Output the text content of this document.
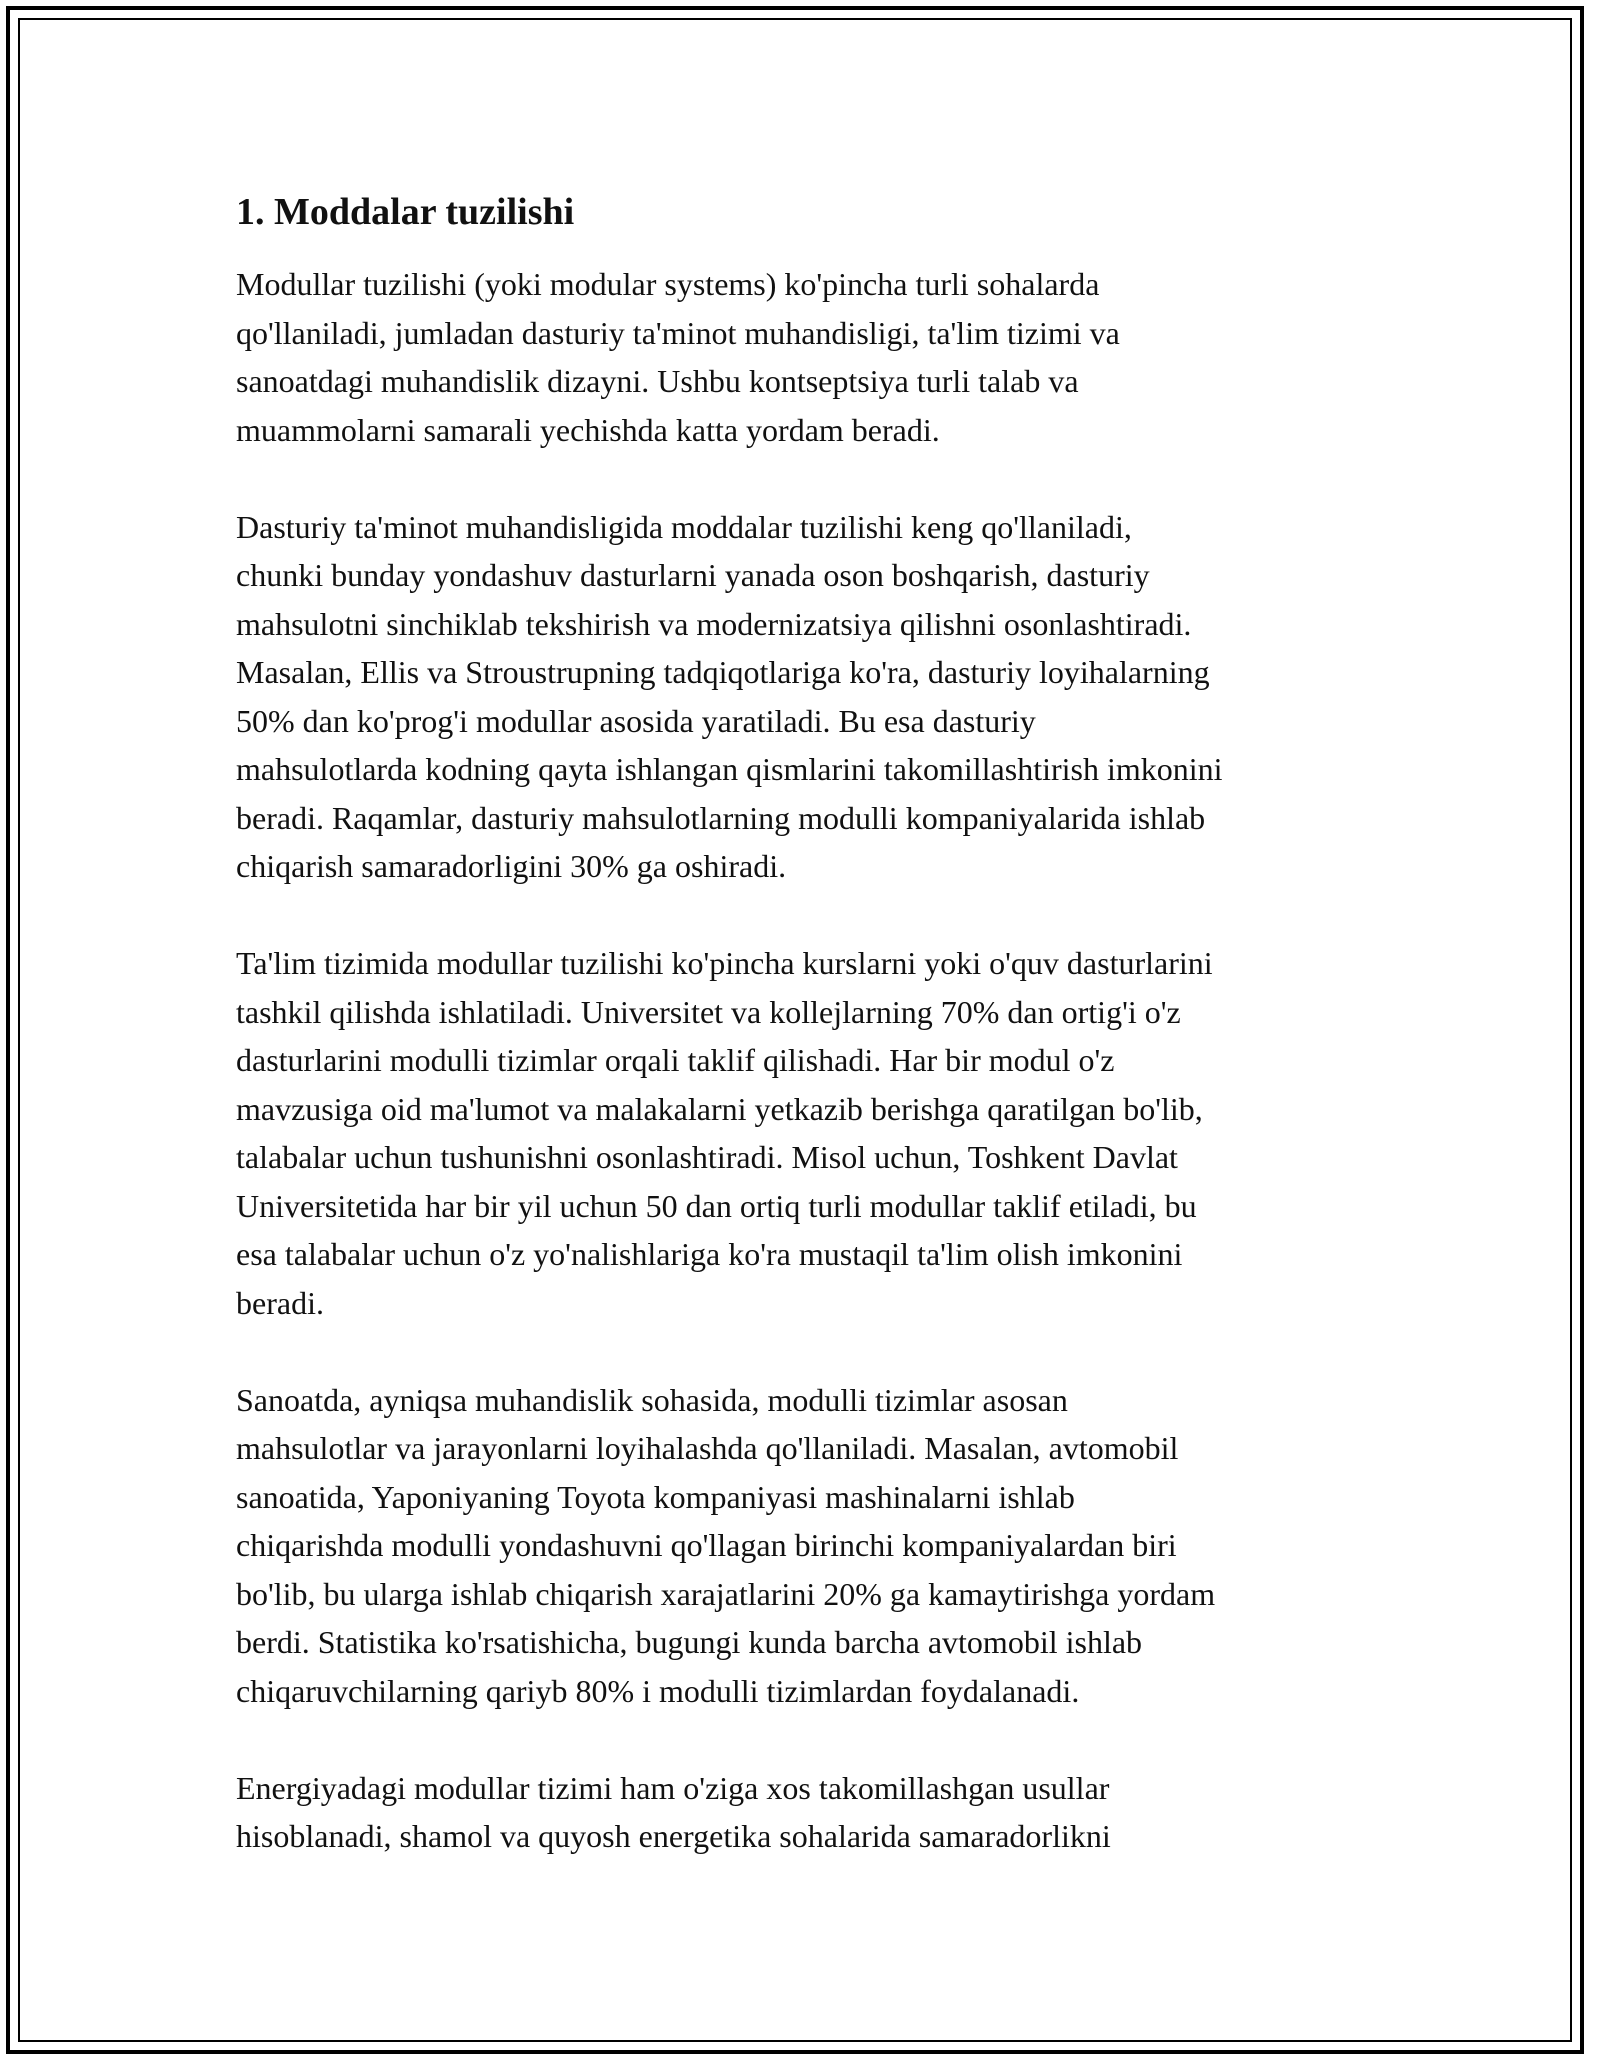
1. Moddalar tuzilishi

Modullar tuzilishi (yoki modular systems) ko'pincha turli sohalarda
qo'llaniladi, jumladan dasturiy ta'minot muhandisligi, ta'lim tizimi va
sanoatdagi muhandislik dizayni. Ushbu kontseptsiya turli talab va
muammolarni samarali yechishda katta yordam beradi.

Dasturiy ta'minot muhandisligida moddalar tuzilishi keng qo'llaniladi,
chunki bunday yondashuv dasturlarni yanada oson boshqarish, dasturiy
mahsulotni sinchiklab tekshirish va modernizatsiya qilishni osonlashtiradi.
Masalan, Ellis va Stroustrupning tadqiqotlariga ko'ra, dasturiy loyihalarning
50% dan ko'prog'i modullar asosida yaratiladi. Bu esa dasturiy
mahsulotlarda kodning qayta ishlangan qismlarini takomillashtirish imkonini
beradi. Raqamlar, dasturiy mahsulotlarning modulli kompaniyalarida ishlab
chiqarish samaradorligini 30% ga oshiradi.

Ta'lim tizimida modullar tuzilishi ko'pincha kurslarni yoki o'quv dasturlarini
tashkil qilishda ishlatiladi. Universitet va kollejlarning 70% dan ortig'i o'z
dasturlarini modulli tizimlar orqali taklif qilishadi. Har bir modul o'z
mavzusiga oid ma'lumot va malakalarni yetkazib berishga qaratilgan bo'lib,
talabalar uchun tushunishni osonlashtiradi. Misol uchun, Toshkent Davlat
Universitetida har bir yil uchun 50 dan ortiq turli modullar taklif etiladi, bu
esa talabalar uchun o'z yo'nalishlariga ko'ra mustaqil ta'lim olish imkonini
beradi.

Sanoatda, ayniqsa muhandislik sohasida, modulli tizimlar asosan
mahsulotlar va jarayonlarni loyihalashda qo'llaniladi. Masalan, avtomobil
sanoatida, Yaponiyaning Toyota kompaniyasi mashinalarni ishlab
chiqarishda modulli yondashuvni qo'llagan birinchi kompaniyalardan biri
bo'lib, bu ularga ishlab chiqarish xarajatlarini 20% ga kamaytirishga yordam
berdi. Statistika ko'rsatishicha, bugungi kunda barcha avtomobil ishlab
chiqaruvchilarning qariyb 80% i modulli tizimlardan foydalanadi.

Energiyadagi modullar tizimi ham o'ziga xos takomillashgan usullar
hisoblanadi, shamol va quyosh energetika sohalarida samaradorlikni
